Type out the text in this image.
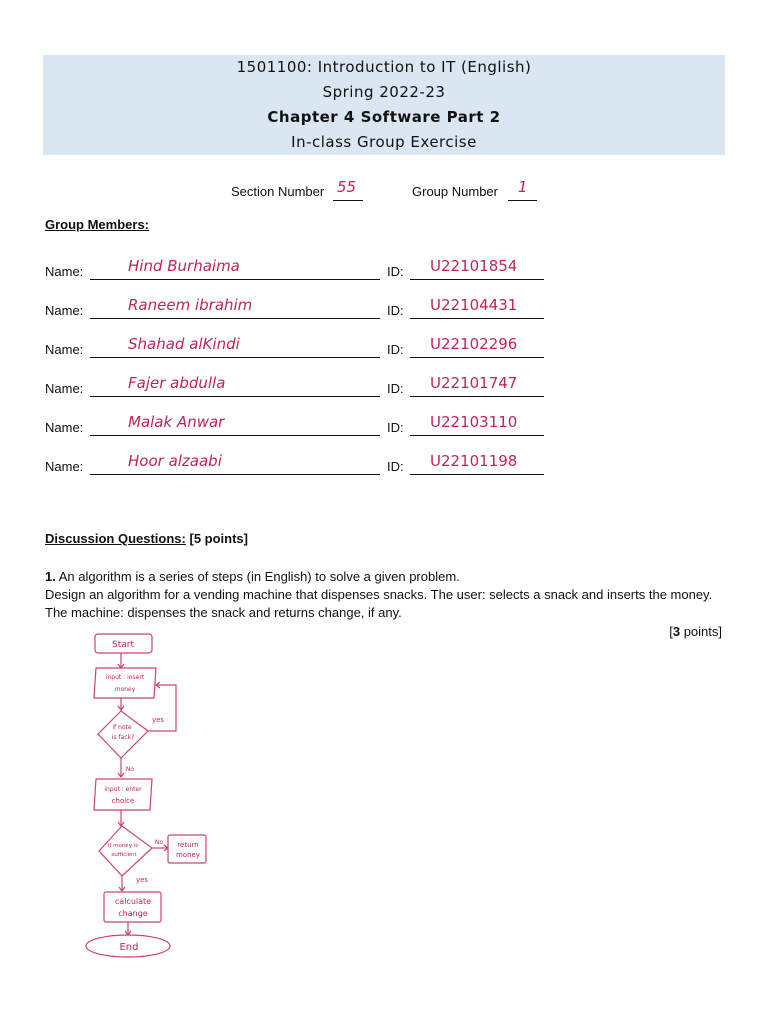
1501100: Introduction to IT (English)
Spring 2022-23
Chapter 4 Software Part 2
In-class Group Exercise
Section Number 55	Group Number 1
Group Members:
Name:	Hind Burhaima	ID: U22101854
Name:	Raneem ibrahim	ID: U22104431
Name:	Shahad alKindi	ID: U22102296
Name:	Fajer abdulla	ID: U22101747
Name:	Malak Anwar	ID: U22103110
Name:	Hoor alzaabi	ID: U22101198
Discussion Questions: [5 points]
1. An algorithm is a series of steps (in English) to solve a given problem.
Design an algorithm for a vending machine that dispenses snacks. The user: selects a snack and inserts the money.
The machine: dispenses the snack and returns change, if any.
[3 points]
Start
input : insert
money
if note
is fack?
yes
No
input : enter
choice
if money is
sufficient
No return
money
yes
calculate
change
End
